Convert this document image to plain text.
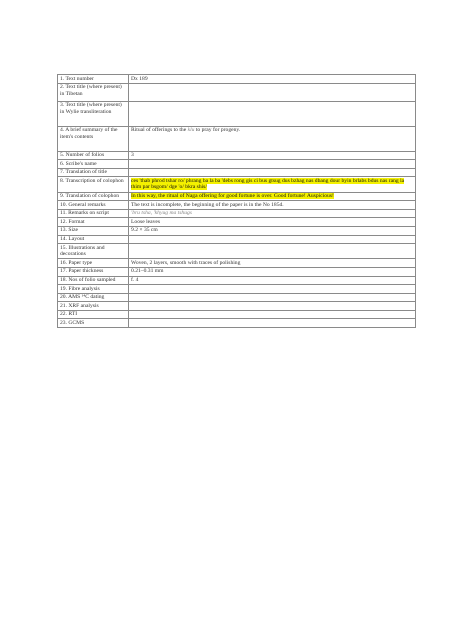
1. Text number	Dx 189
2. Text title (where present) in Tibetan	
3. Text title (where present) in Wylie transliteration	
4. A brief summary of the item's contents	Ritual of offerings to the klu to pray for progeny.
5. Number of folios	3
6. Scribe's name	
7. Translation of title	
8. Transcription of colophon	ces 'thab phrod tshar ro/ phrang ba la ba 'debs rong gis ci bus gtsug dus bzhag nas dbang dour byin brlabs bdus nas rang la thim par bsgom/ dge 'o/ bkra shis/
9. Translation of colophon	In this way, the ritual of Naga offering for good fortune is over. Good fortune! Auspicious!
10. General remarks	The text is incomplete, the beginning of the paper is in the No 185d.
11. Remarks on script	'bru tsha, 'khyug ma tshugs
12. Format	Loose leaves
13. Size	9.2 × 35 cm
14. Layout	
15. Illustrations and decorations	
16. Paper type	Woven, 2 layers, smooth with traces of polishing
17. Paper thickness	0.21–0.31 mm
18. Nos of folio sampled	f. 4
19. Fibre analysis	
20. AMS ¹⁴C dating	
21. XRF analysis	
22. RTI	
23. GCMS	
